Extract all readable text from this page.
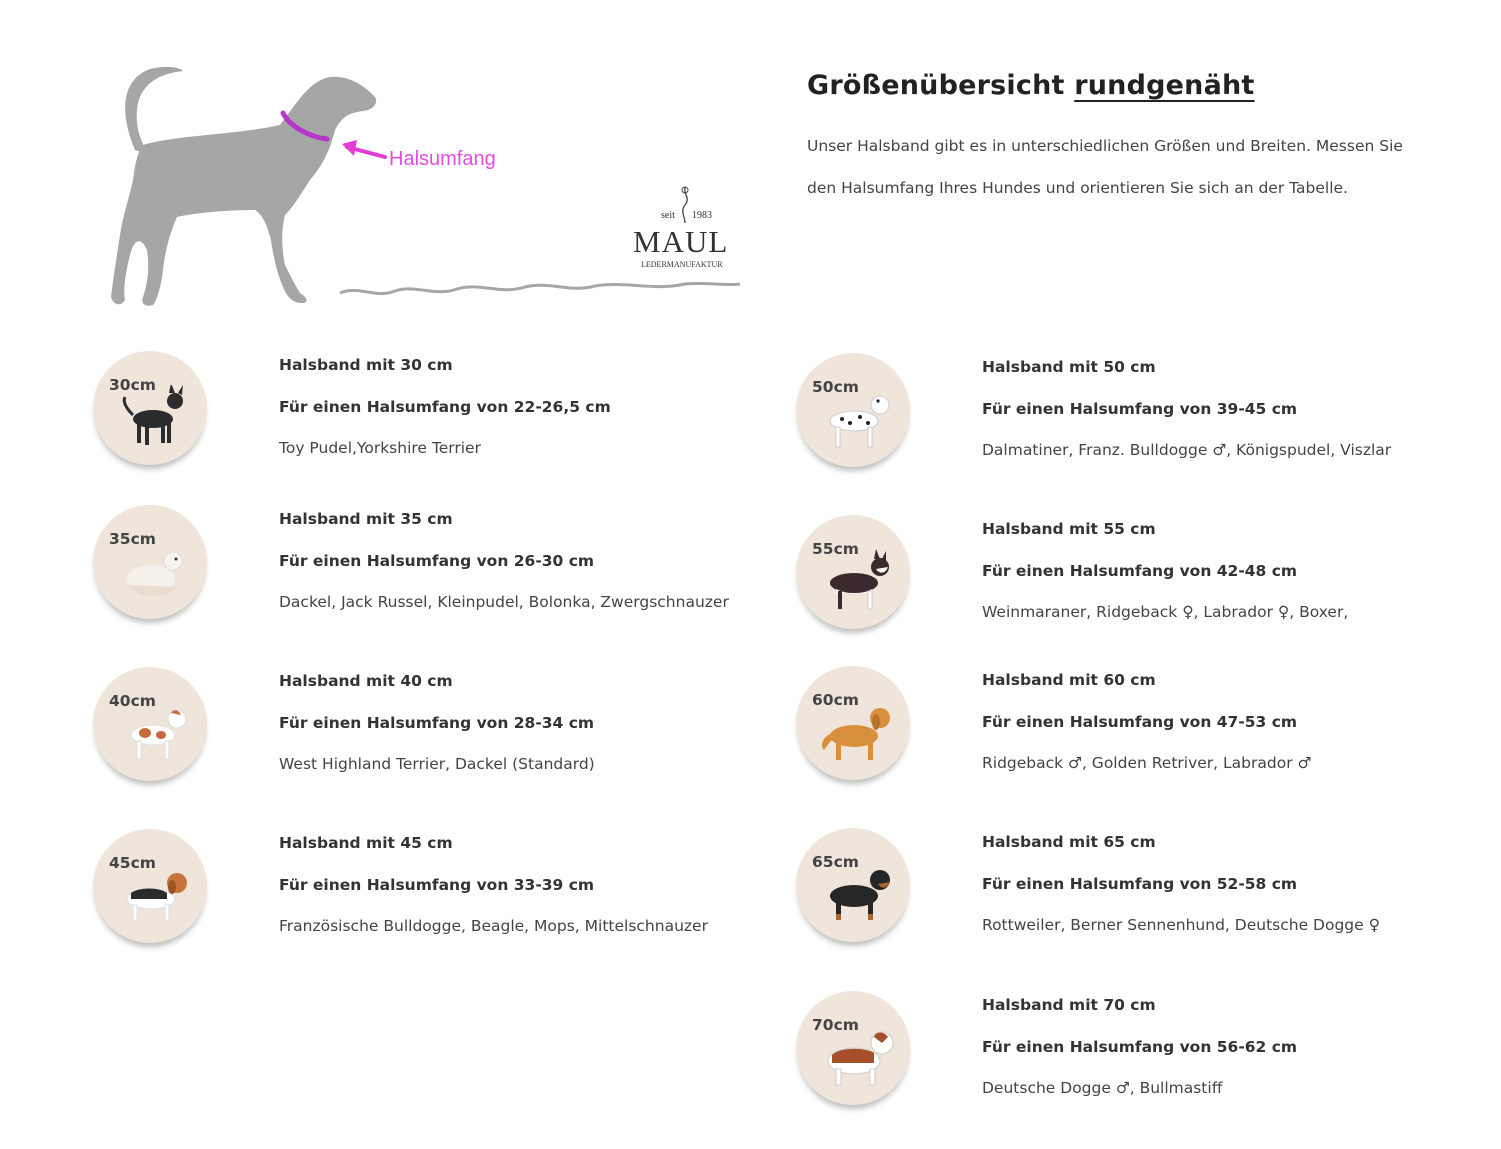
Halsumfang
seit 1983
MAUL
LEDERMANUFAKTUR
Größenübersicht rundgenäht

Unser Halsband gibt es in unterschiedlichen Größen und Breiten. Messen Sie
den Halsumfang Ihres Hundes und orientieren Sie sich an der Tabelle.

30cm
Halsband mit 30 cm
Für einen Halsumfang von 22-26,5 cm
Toy Pudel,Yorkshire Terrier
35cm
Halsband mit 35 cm
Für einen Halsumfang von 26-30 cm
Dackel, Jack Russel, Kleinpudel, Bolonka, Zwergschnauzer
40cm
Halsband mit 40 cm
Für einen Halsumfang von 28-34 cm
West Highland Terrier, Dackel (Standard)
45cm
Halsband mit 45 cm
Für einen Halsumfang von 33-39 cm
Französische Bulldogge, Beagle, Mops, Mittelschnauzer
50cm
Halsband mit 50 cm
Für einen Halsumfang von 39-45 cm
Dalmatiner, Franz. Bulldogge ♂, Königspudel, Viszlar
55cm
Halsband mit 55 cm
Für einen Halsumfang von 42-48 cm
Weinmaraner, Ridgeback ♀, Labrador ♀, Boxer,
60cm
Halsband mit 60 cm
Für einen Halsumfang von 47-53 cm
Ridgeback ♂, Golden Retriver, Labrador ♂
65cm
Halsband mit 65 cm
Für einen Halsumfang von 52-58 cm
Rottweiler, Berner Sennenhund, Deutsche Dogge ♀
70cm
Halsband mit 70 cm
Für einen Halsumfang von 56-62 cm
Deutsche Dogge ♂, Bullmastiff
